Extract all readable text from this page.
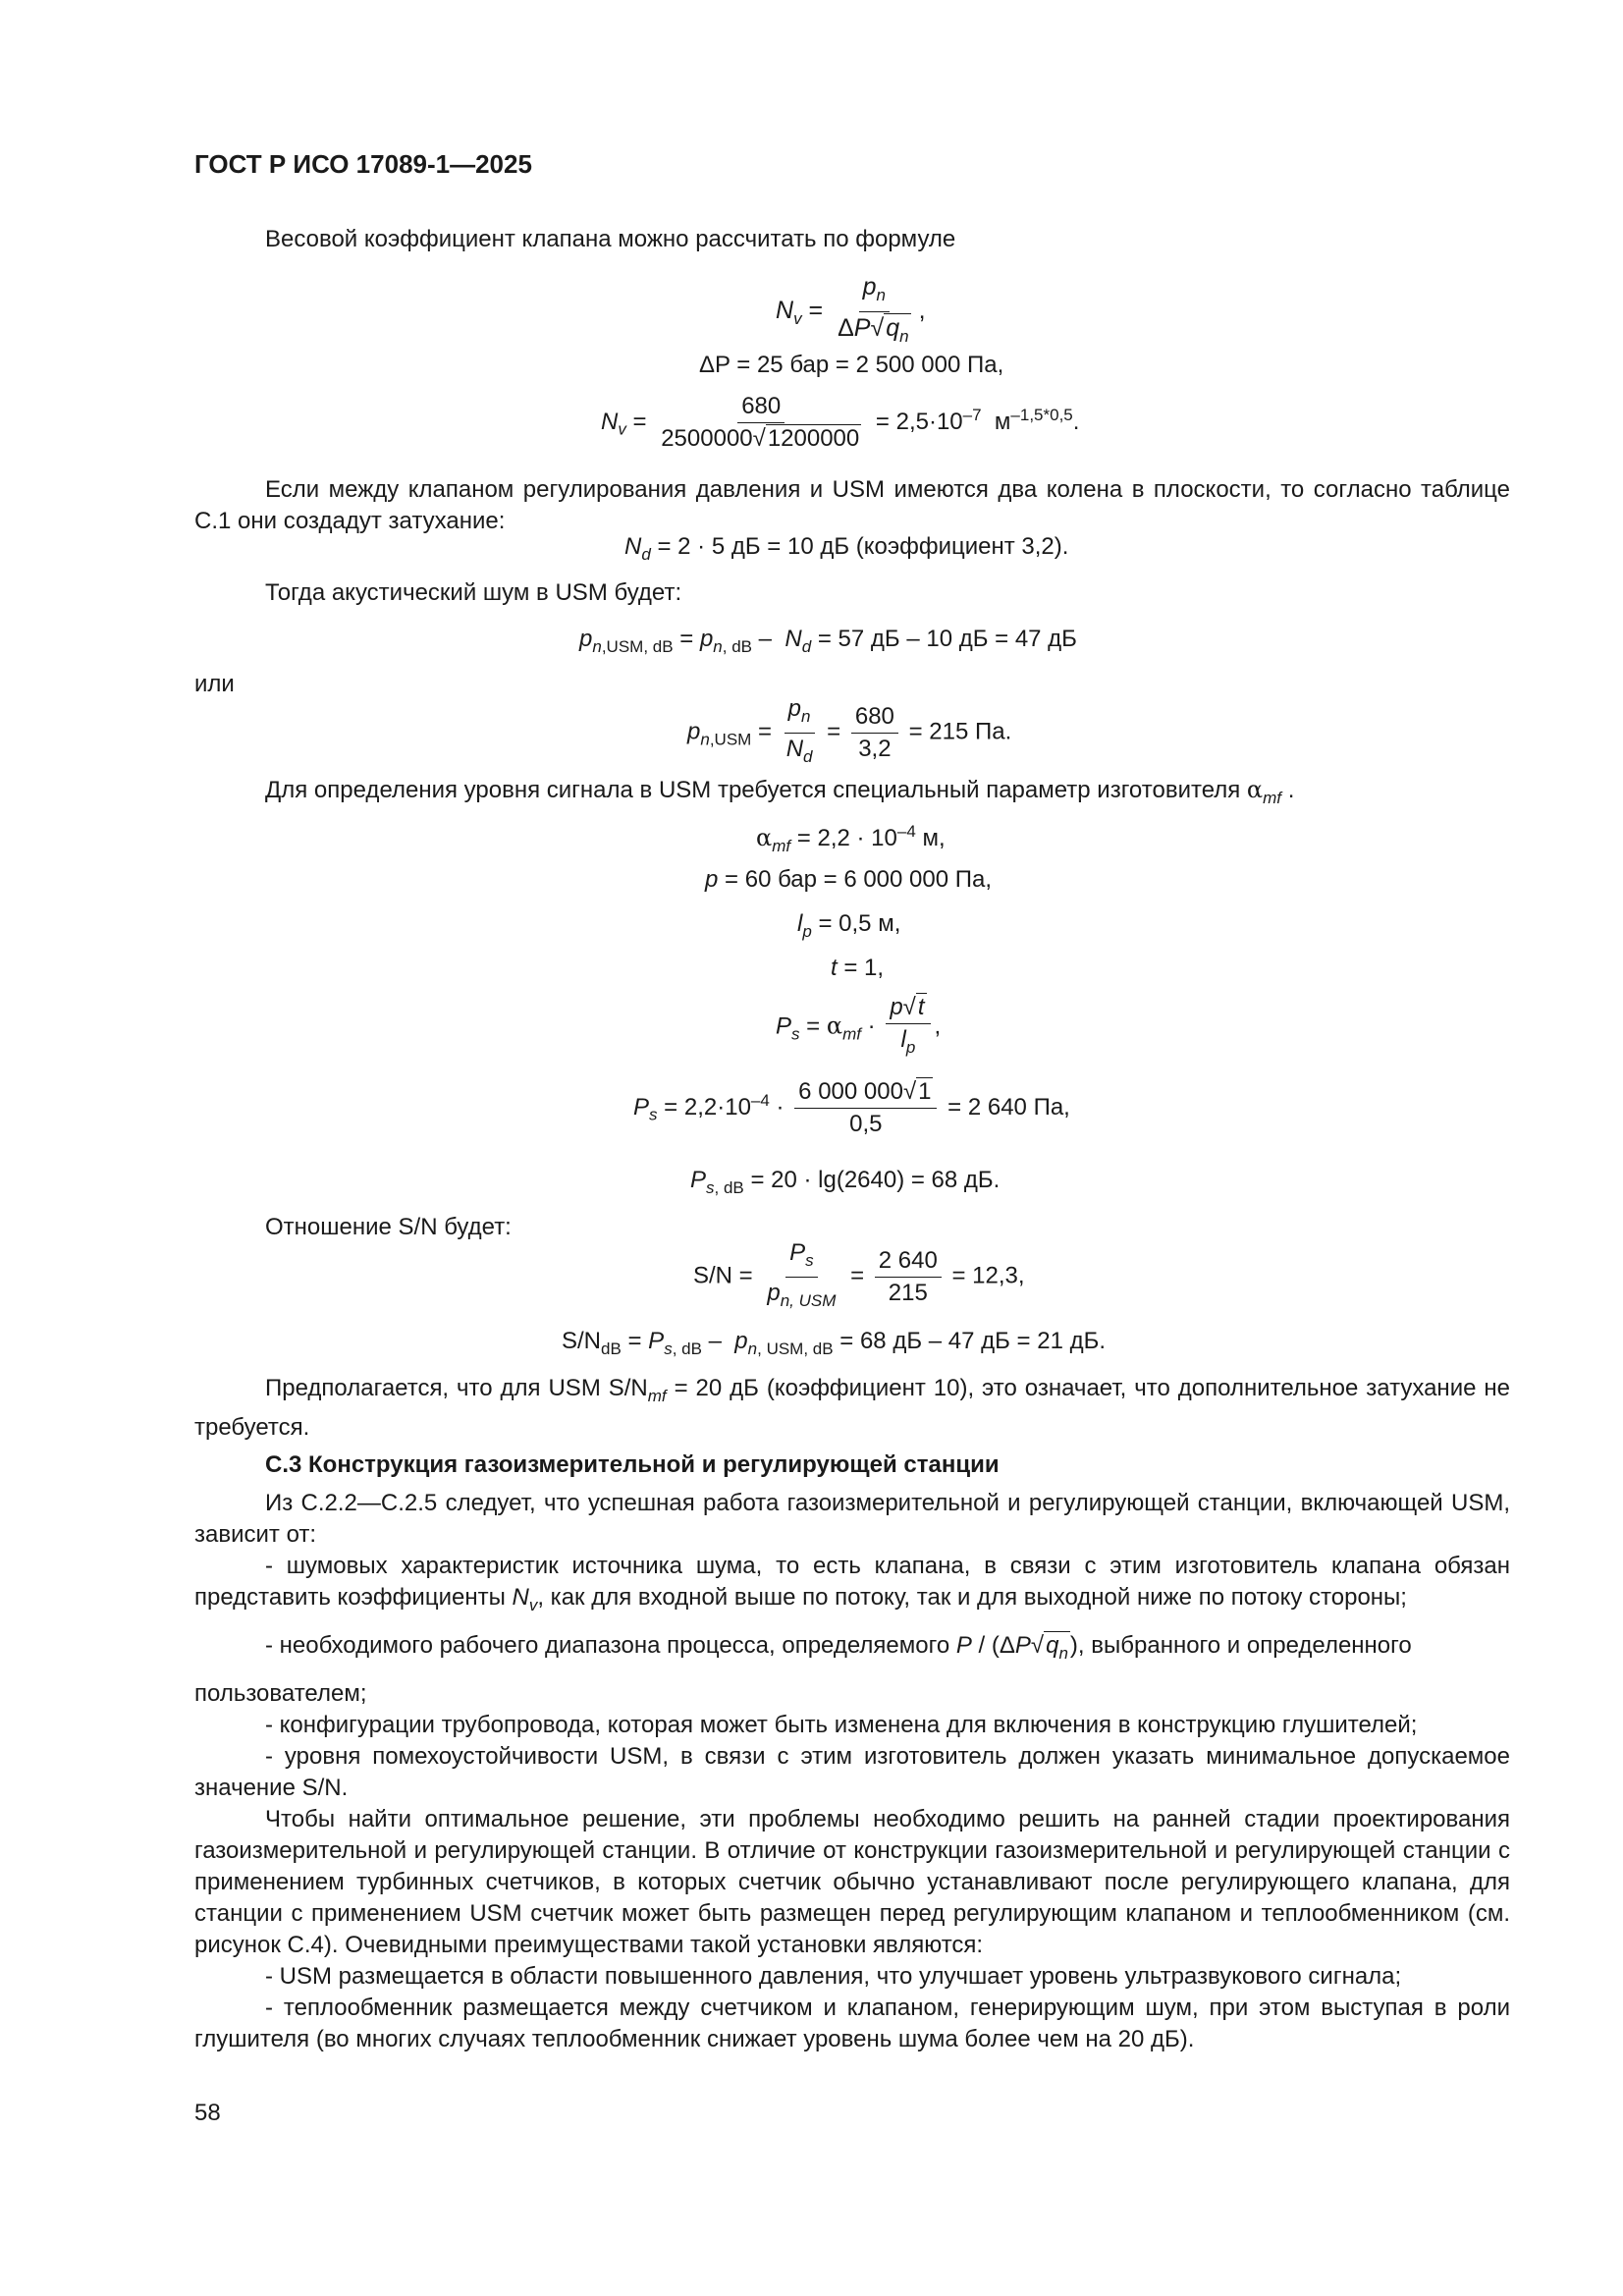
ГОСТ Р ИСО 17089-1—2025
Весовой коэффициент клапана можно рассчитать по формуле
$N_v = \frac{p_n}{\Delta P√q_n}$ ,
ΔP = 25 бар = 2 500 000 Па,
$N_v = \frac{680}{2500000√1200000} = 2,5\cdot 10^{-7}$  $м^{-1,5*0,5}$.

Если между клапаном регулирования давления и USM имеются два колена в плоскости, то согласно таблице С.1 они создадут затухание:

$N_d = 2 \cdot 5$ дБ = 10 дБ (коэффициент 3,2).
Тогда акустический шум в USM будет:
$p_{n,USM, dB} = p_{n, dB} - N_d = 57$ дБ – 10 дБ = 47 дБ
или
$p_{n,USM} = \frac{p_n}{N_d} = \frac{680}{3,2} = 215$ Па.
Для определения уровня сигнала в USM требуется специальный параметр изготовителя $\alpha_{mf}$ .
$\alpha_{mf} = 2,2 \cdot 10^{-4}$ м,
p = 60 бар = 6 000 000 Па,
$l_p = 0,5$ м,
t = 1,
$P_s = \alpha_{mf} \cdot \frac{p√t}{l_p}$ ,
$P_s = 2,2\cdot 10^{-4} \cdot \frac{6 000 000√1}{0,5} = 2$ 640 Па,
$P_{s, dB} = 20 \cdot \lg(2640) = 68$ дБ.
Отношение S/N будет:
$S/N = \frac{P_s}{p_{n, USM}} = \frac{2 640}{215} = 12,3$,
$S/N_{dB} = P_{s, dB} - p_{n, USM, dB} = 68$ дБ – 47 дБ = 21 дБ.

Предполагается, что для USM $S/N_{mf} = 20$ дБ (коэффициент 10), это означает, что дополнительное затухание не требуется.

С.3 Конструкция газоизмерительной и регулирующей станции

Из С.2.2—С.2.5 следует, что успешная работа газоизмерительной и регулирующей станции, включающей USM, зависит от:

- шумовых характеристик источника шума, то есть клапана, в связи с этим изготовитель клапана обязан представить коэффициенты $N_v$, как для входной выше по потоку, так и для выходной ниже по потоку стороны;

- необходимого рабочего диапазона процесса, определяемого P / $(\Delta P√q_n)$, выбранного и определенного

пользователем;

- конфигурации трубопровода, которая может быть изменена для включения в конструкцию глушителей;

- уровня помехоустойчивости USM, в связи с этим изготовитель должен указать минимальное допускаемое значение S/N.

Чтобы найти оптимальное решение, эти проблемы необходимо решить на ранней стадии проектирования газоизмерительной и регулирующей станции. В отличие от конструкции газоизмерительной и регулирующей станции с применением турбинных счетчиков, в которых счетчик обычно устанавливают после регулирующего клапана, для станции с применением USM счетчик может быть размещен перед регулирующим клапаном и теплообменником (см. рисунок С.4). Очевидными преимуществами такой установки являются:

- USM размещается в области повышенного давления, что улучшает уровень ультразвукового сигнала;

- теплообменник размещается между счетчиком и клапаном, генерирующим шум, при этом выступая в роли глушителя (во многих случаях теплообменник снижает уровень шума более чем на 20 дБ).

58
